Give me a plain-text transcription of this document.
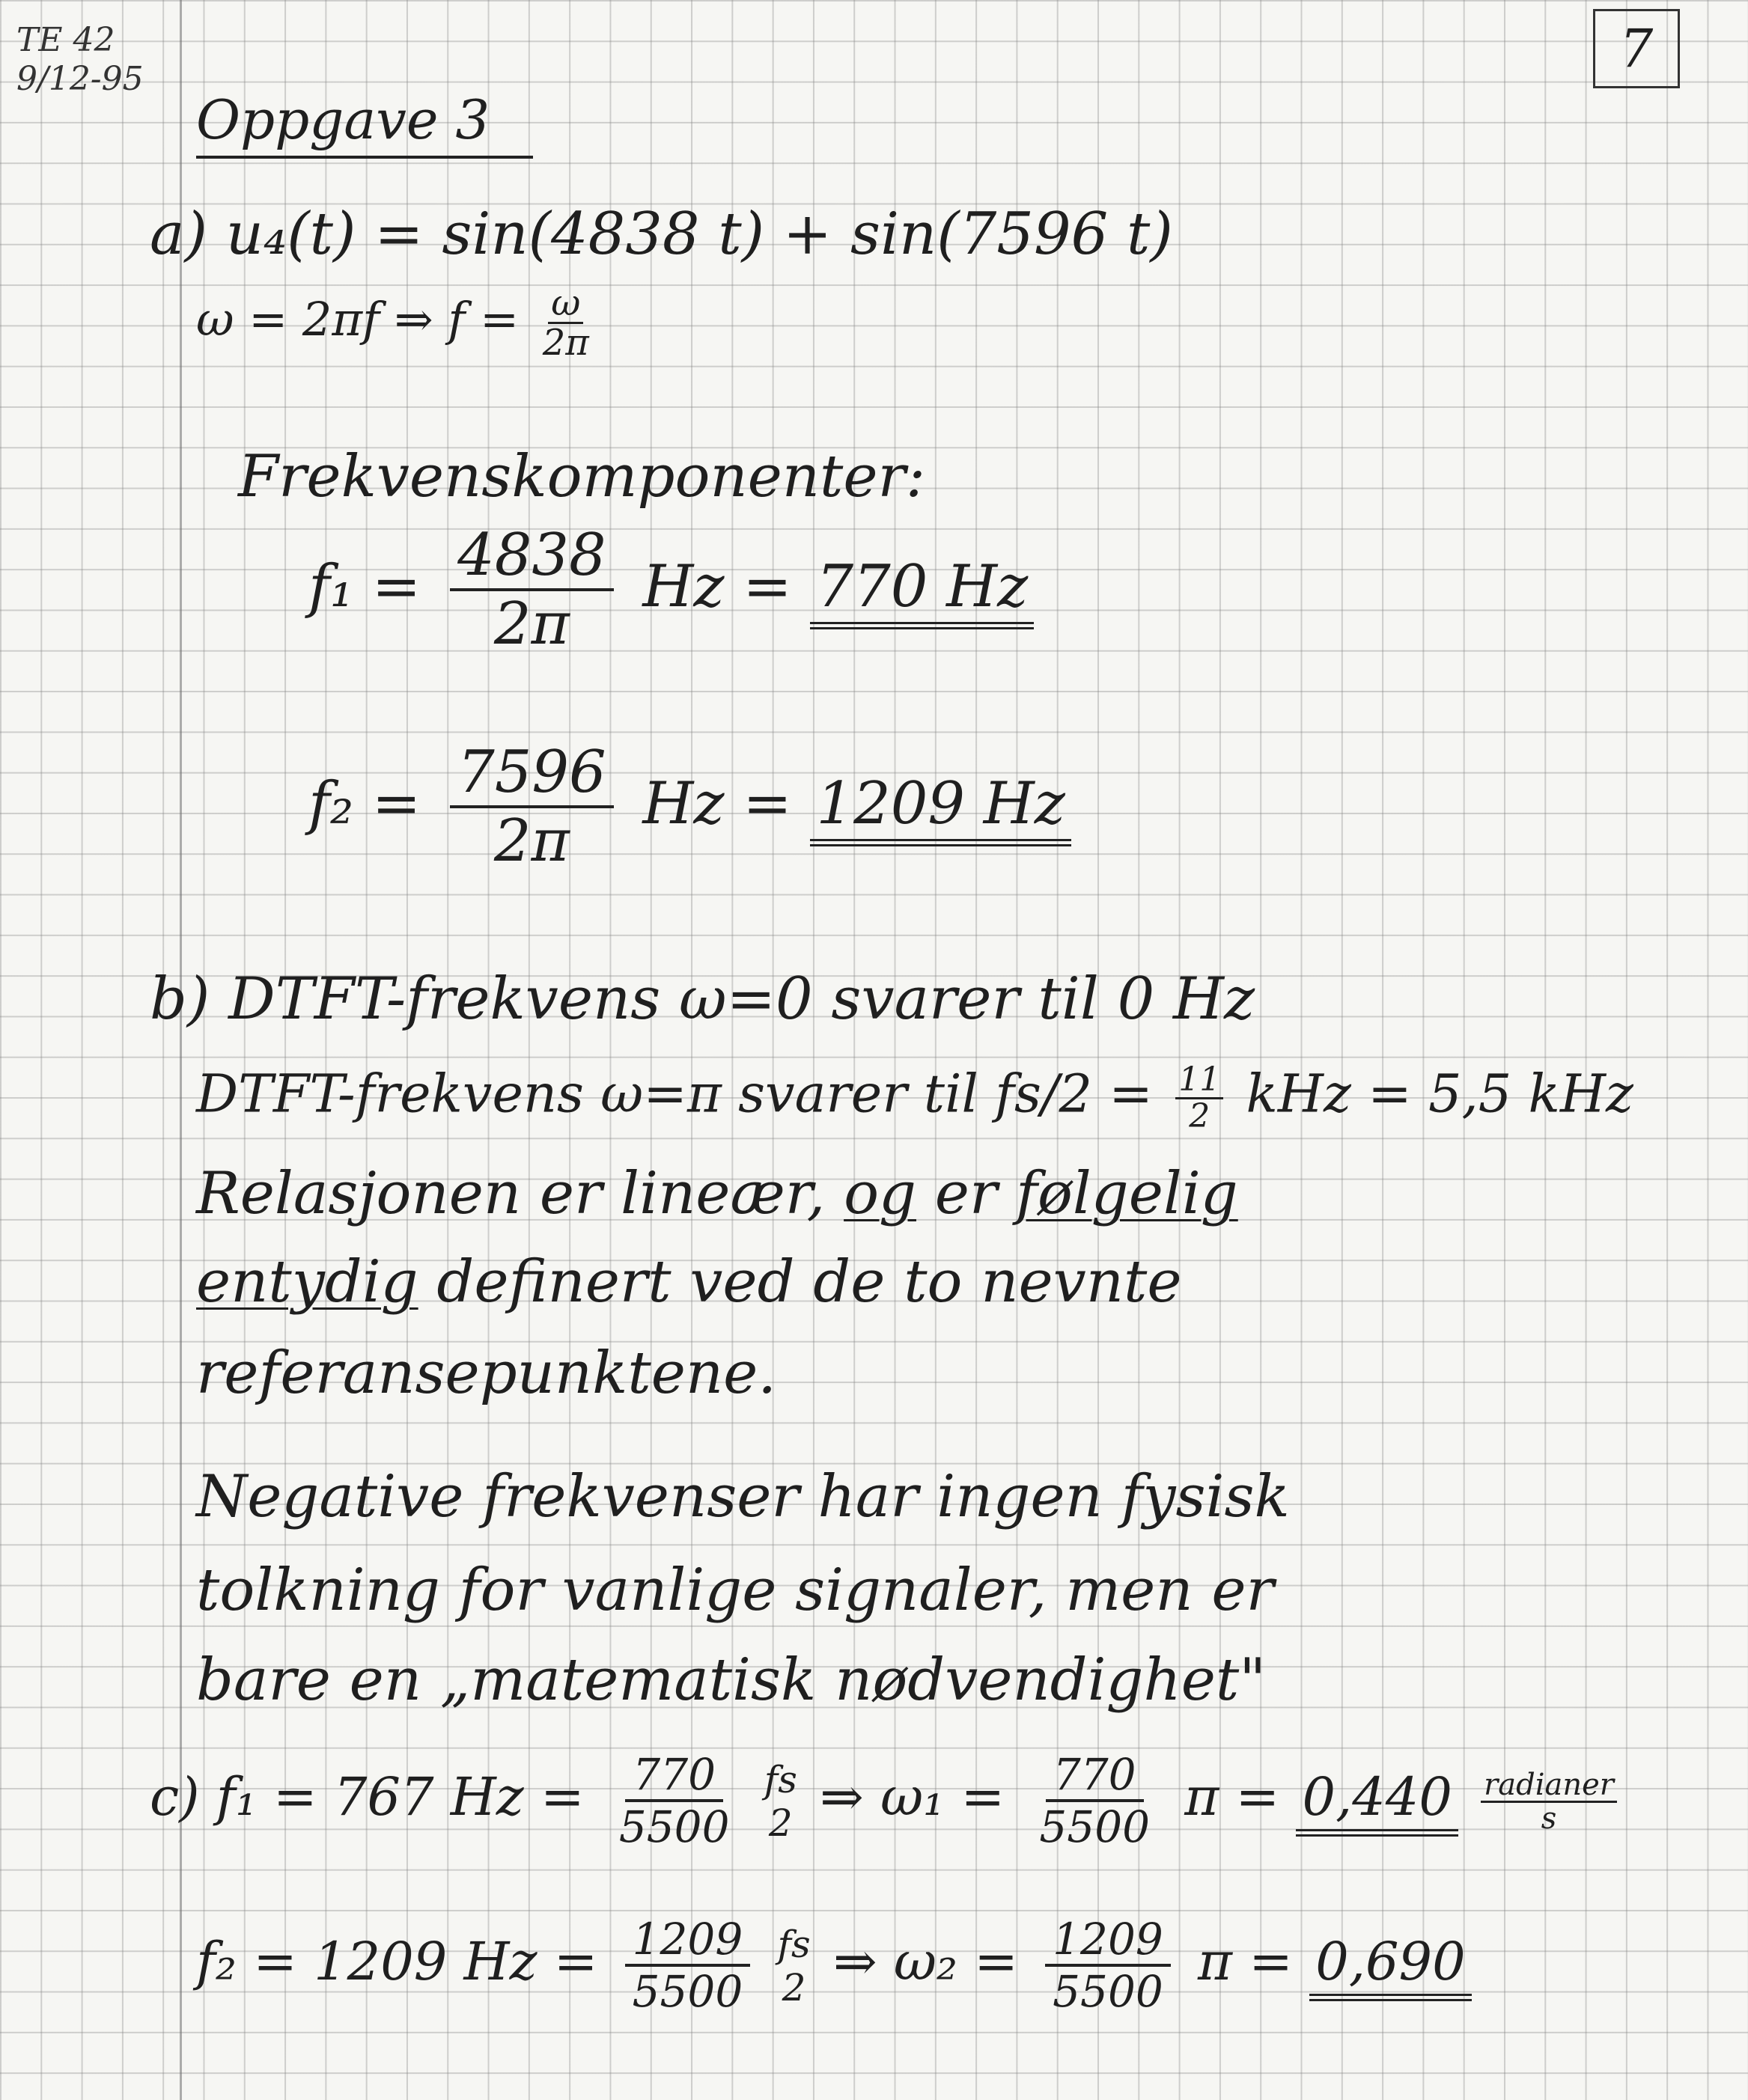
TE 42
9/12-95	7
Oppgave 3
a) u₄(t) = sin(4838 t) + sin(7596 t)
ω = 2πf ⇒ $f = \frac{\omega}{2\pi}$
Frekvenskomponenter:
$f_1 = \frac{4838}{2\pi}$ Hz = 770 Hz
$f_2 = \frac{7596}{2\pi}$ Hz = 1209 Hz
b) DTFT-frekvens ω=0 svarer til 0 Hz
DTFT-frekvens ω=π svarer til $fs/2 = \frac{11}{2}$ kHz = 5,5 kHz
Relasjonen er lineær, og er følgelig
entydig definert ved de to nevnte
referansepunktene.
Negative frekvenser har ingen fysisk
tolkning for vanlige signaler, men er
bare en „matematisk nødvendighet"
c) f₁ = 767 $Hz = \frac{770}{5500}$
fs
2 ⇒ $\omega_1 = \frac{770}{5500}$ $\pi = 0,440 \frac{\text{radianer}}{s}$
f₂ = 1209 $Hz = \frac{1209}{5500}$
fs
2 ⇒ $\omega_2 = \frac{1209}{5500}$ π = 0,690
